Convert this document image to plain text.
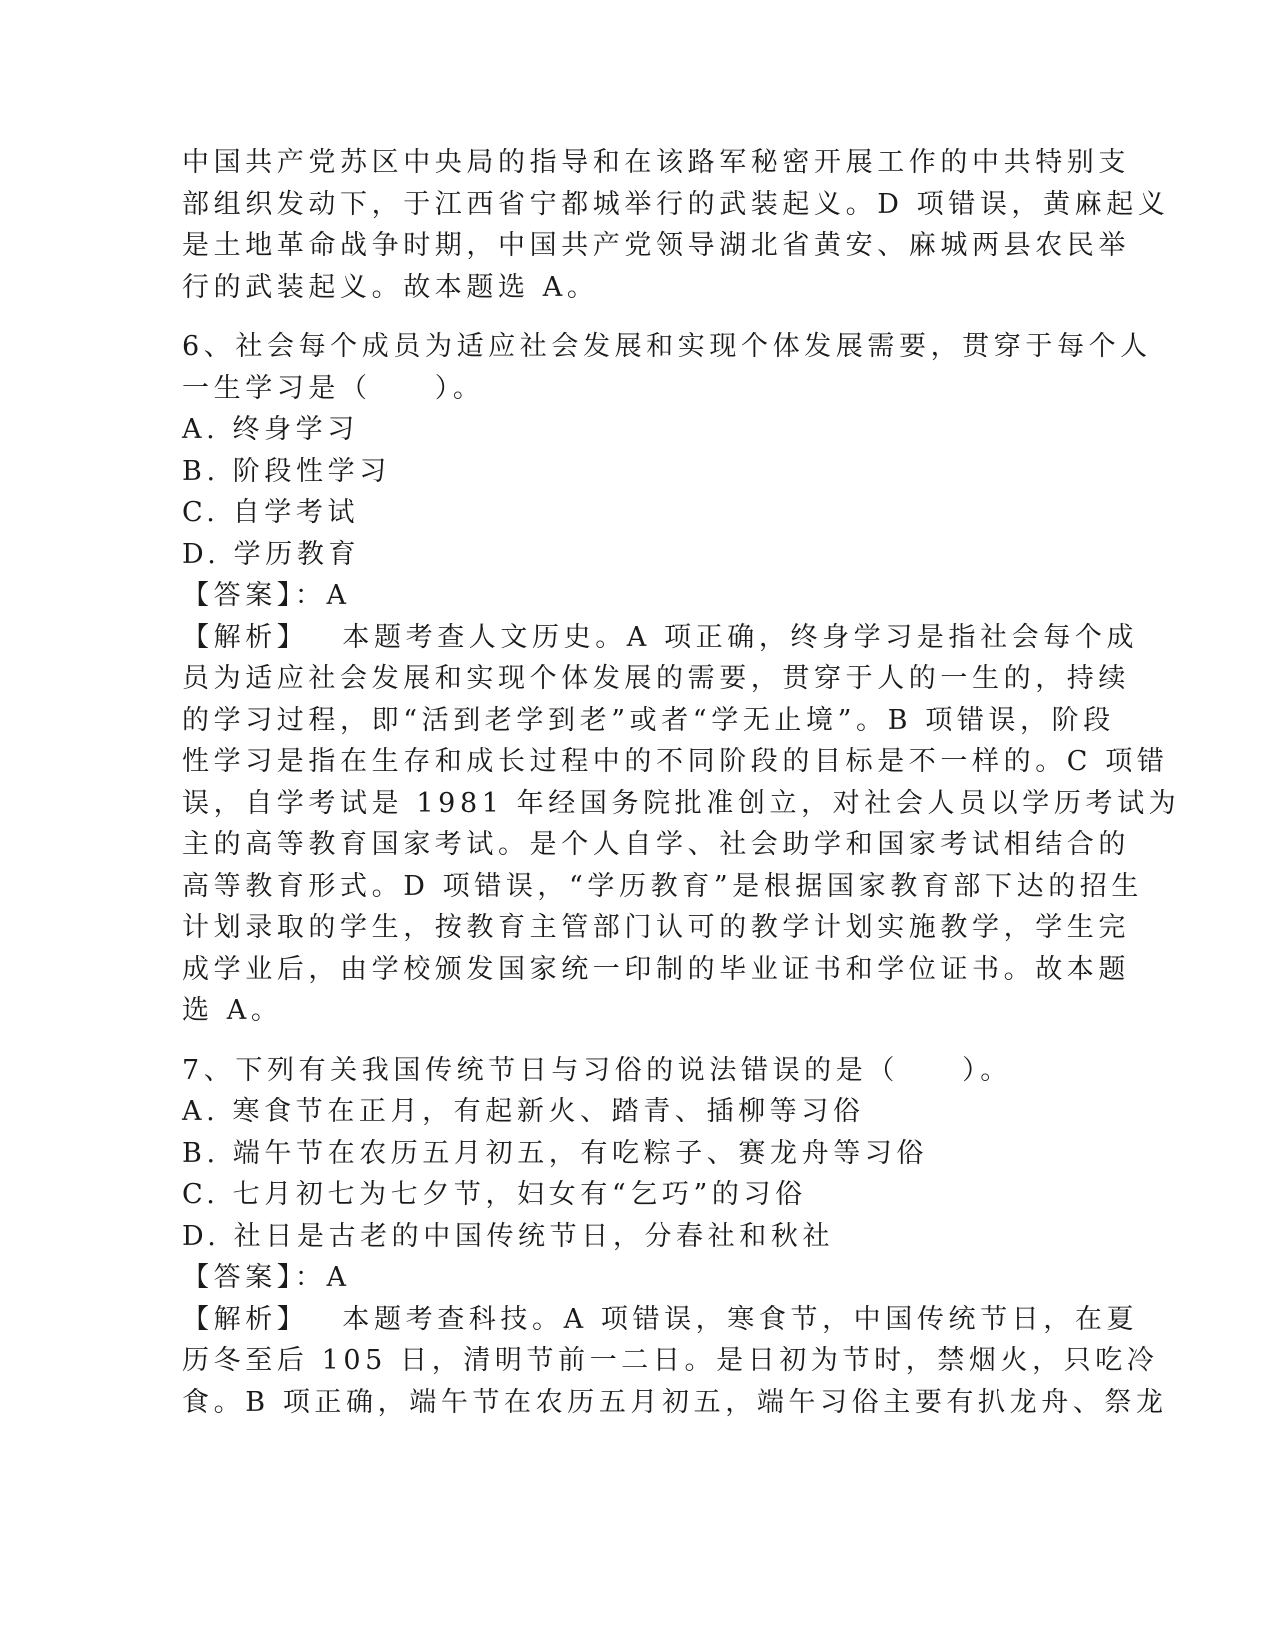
中国共产党苏区中央局的指导和在该路军秘密开展工作的中共特别支

部组织发动下，于江西省宁都城举行的武装起义。D 项错误，黄麻起义

是土地革命战争时期，中国共产党领导湖北省黄安、麻城两县农民举

行的武装起义。故本题选 A。

6、社会每个成员为适应社会发展和实现个体发展需要，贯穿于每个人

一生学习是（　　）。

A. 终身学习

B. 阶段性学习

C. 自学考试

D. 学历教育

【答案】：A

【解析】 本题考查人文历史。A 项正确，终身学习是指社会每个成

员为适应社会发展和实现个体发展的需要，贯穿于人的一生的，持续

的学习过程，即“活到老学到老”或者“学无止境”。B 项错误，阶段

性学习是指在生存和成长过程中的不同阶段的目标是不一样的。C 项错

误，自学考试是 1981 年经国务院批准创立，对社会人员以学历考试为

主的高等教育国家考试。是个人自学、社会助学和国家考试相结合的

高等教育形式。D 项错误，“学历教育”是根据国家教育部下达的招生

计划录取的学生，按教育主管部门认可的教学计划实施教学，学生完

成学业后，由学校颁发国家统一印制的毕业证书和学位证书。故本题

选 A。

7、下列有关我国传统节日与习俗的说法错误的是（　　）。

A. 寒食节在正月，有起新火、踏青、插柳等习俗

B. 端午节在农历五月初五，有吃粽子、赛龙舟等习俗

C. 七月初七为七夕节，妇女有“乞巧”的习俗

D. 社日是古老的中国传统节日，分春社和秋社

【答案】：A

【解析】 本题考查科技。A 项错误，寒食节，中国传统节日，在夏

历冬至后 105 日，清明节前一二日。是日初为节时，禁烟火，只吃冷

食。B 项正确，端午节在农历五月初五，端午习俗主要有扒龙舟、祭龙
